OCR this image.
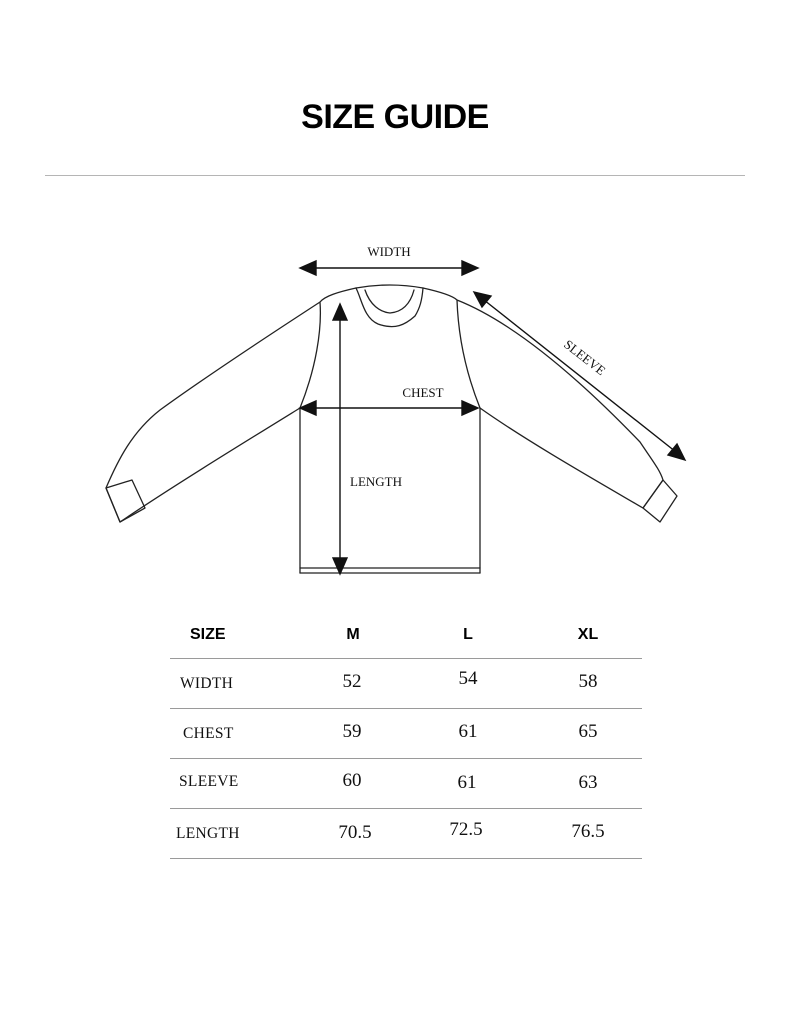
SIZE GUIDE
WIDTH
CHEST
LENGTH
SLEEVE
SIZE	M	L	XL
WIDTH	52	54	58
CHEST	59	61	65
SLEEVE	60	61	63
LENGTH	70.5	72.5	76.5
